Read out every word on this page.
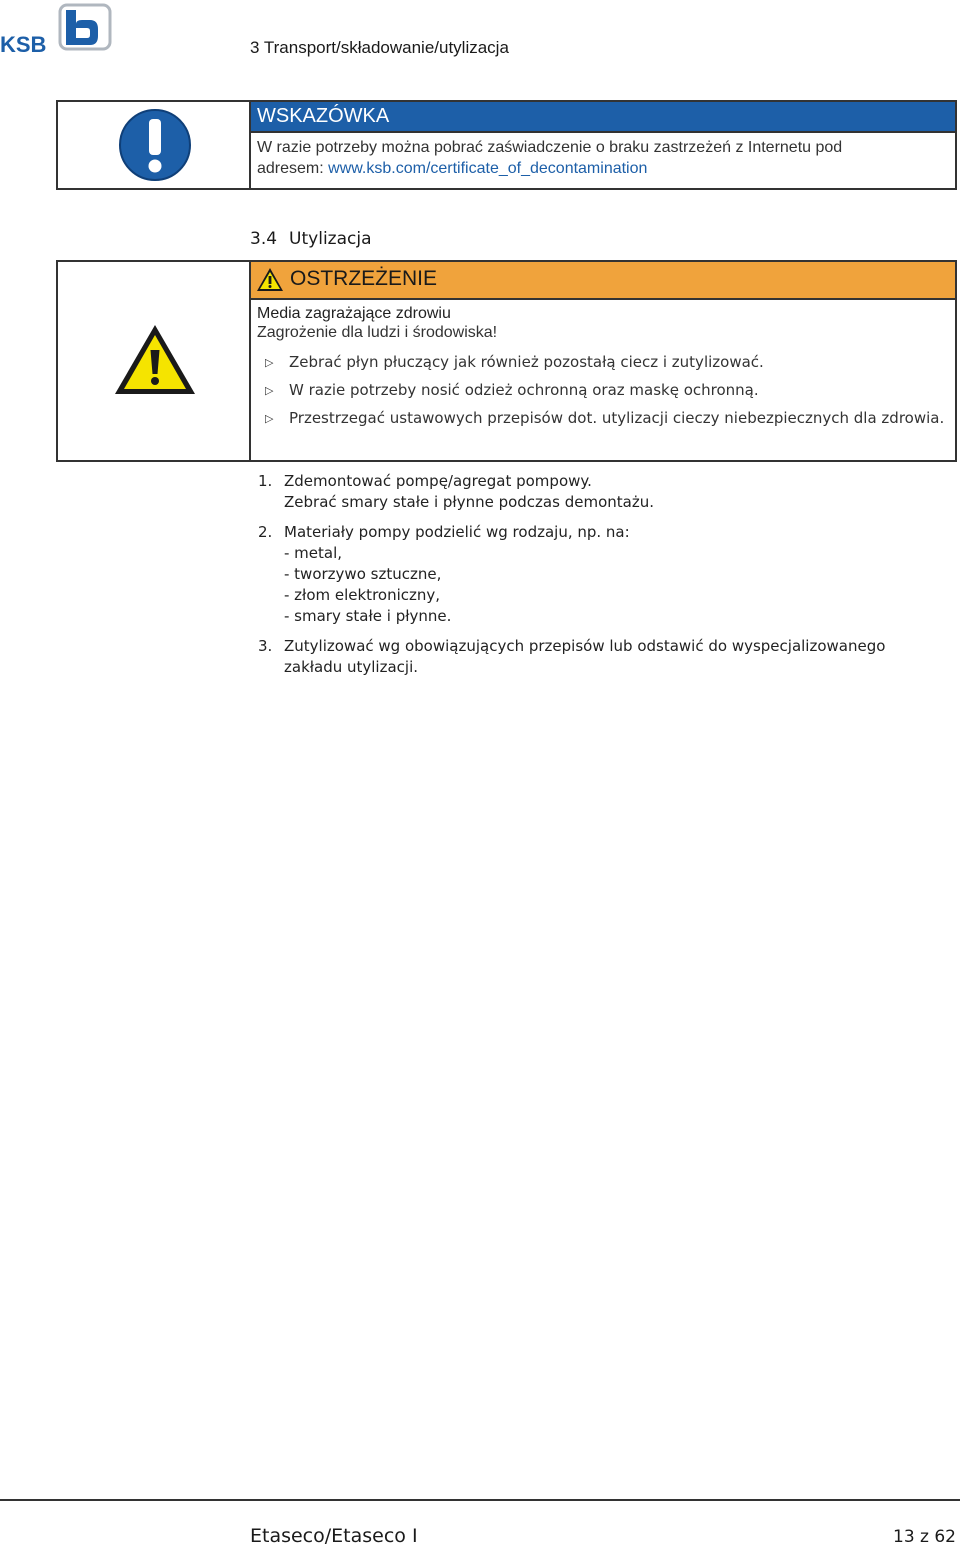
KSB	3 Transport/składowanie/utylizacja
WSKAZÓWKA
W razie potrzeby można pobrać zaświadczenie o braku zastrzeżeń z Internetu pod
adresem: www.ksb.com/certificate_of_decontamination
3.4 Utylizacja
OSTRZEŻENIE
Media zagrażające zdrowiu
Zagrożenie dla ludzi i środowiska!
▷ Zebrać płyn płuczący jak również pozostałą ciecz i zutylizować.
▷ W razie potrzeby nosić odzież ochronną oraz maskę ochronną.
▷ Przestrzegać ustawowych przepisów dot. utylizacji cieczy niebezpiecznych dla zdrowia.
1. Zdemontować pompę/agregat pompowy.
Zebrać smary stałe i płynne podczas demontażu.
2. Materiały pompy podzielić wg rodzaju, np. na:
- metal,
- tworzywo sztuczne,
- złom elektroniczny,
- smary stałe i płynne.
3. Zutylizować wg obowiązujących przepisów lub odstawić do wyspecjalizowanego
zakładu utylizacji.
Etaseco/Etaseco I	13 z 62
